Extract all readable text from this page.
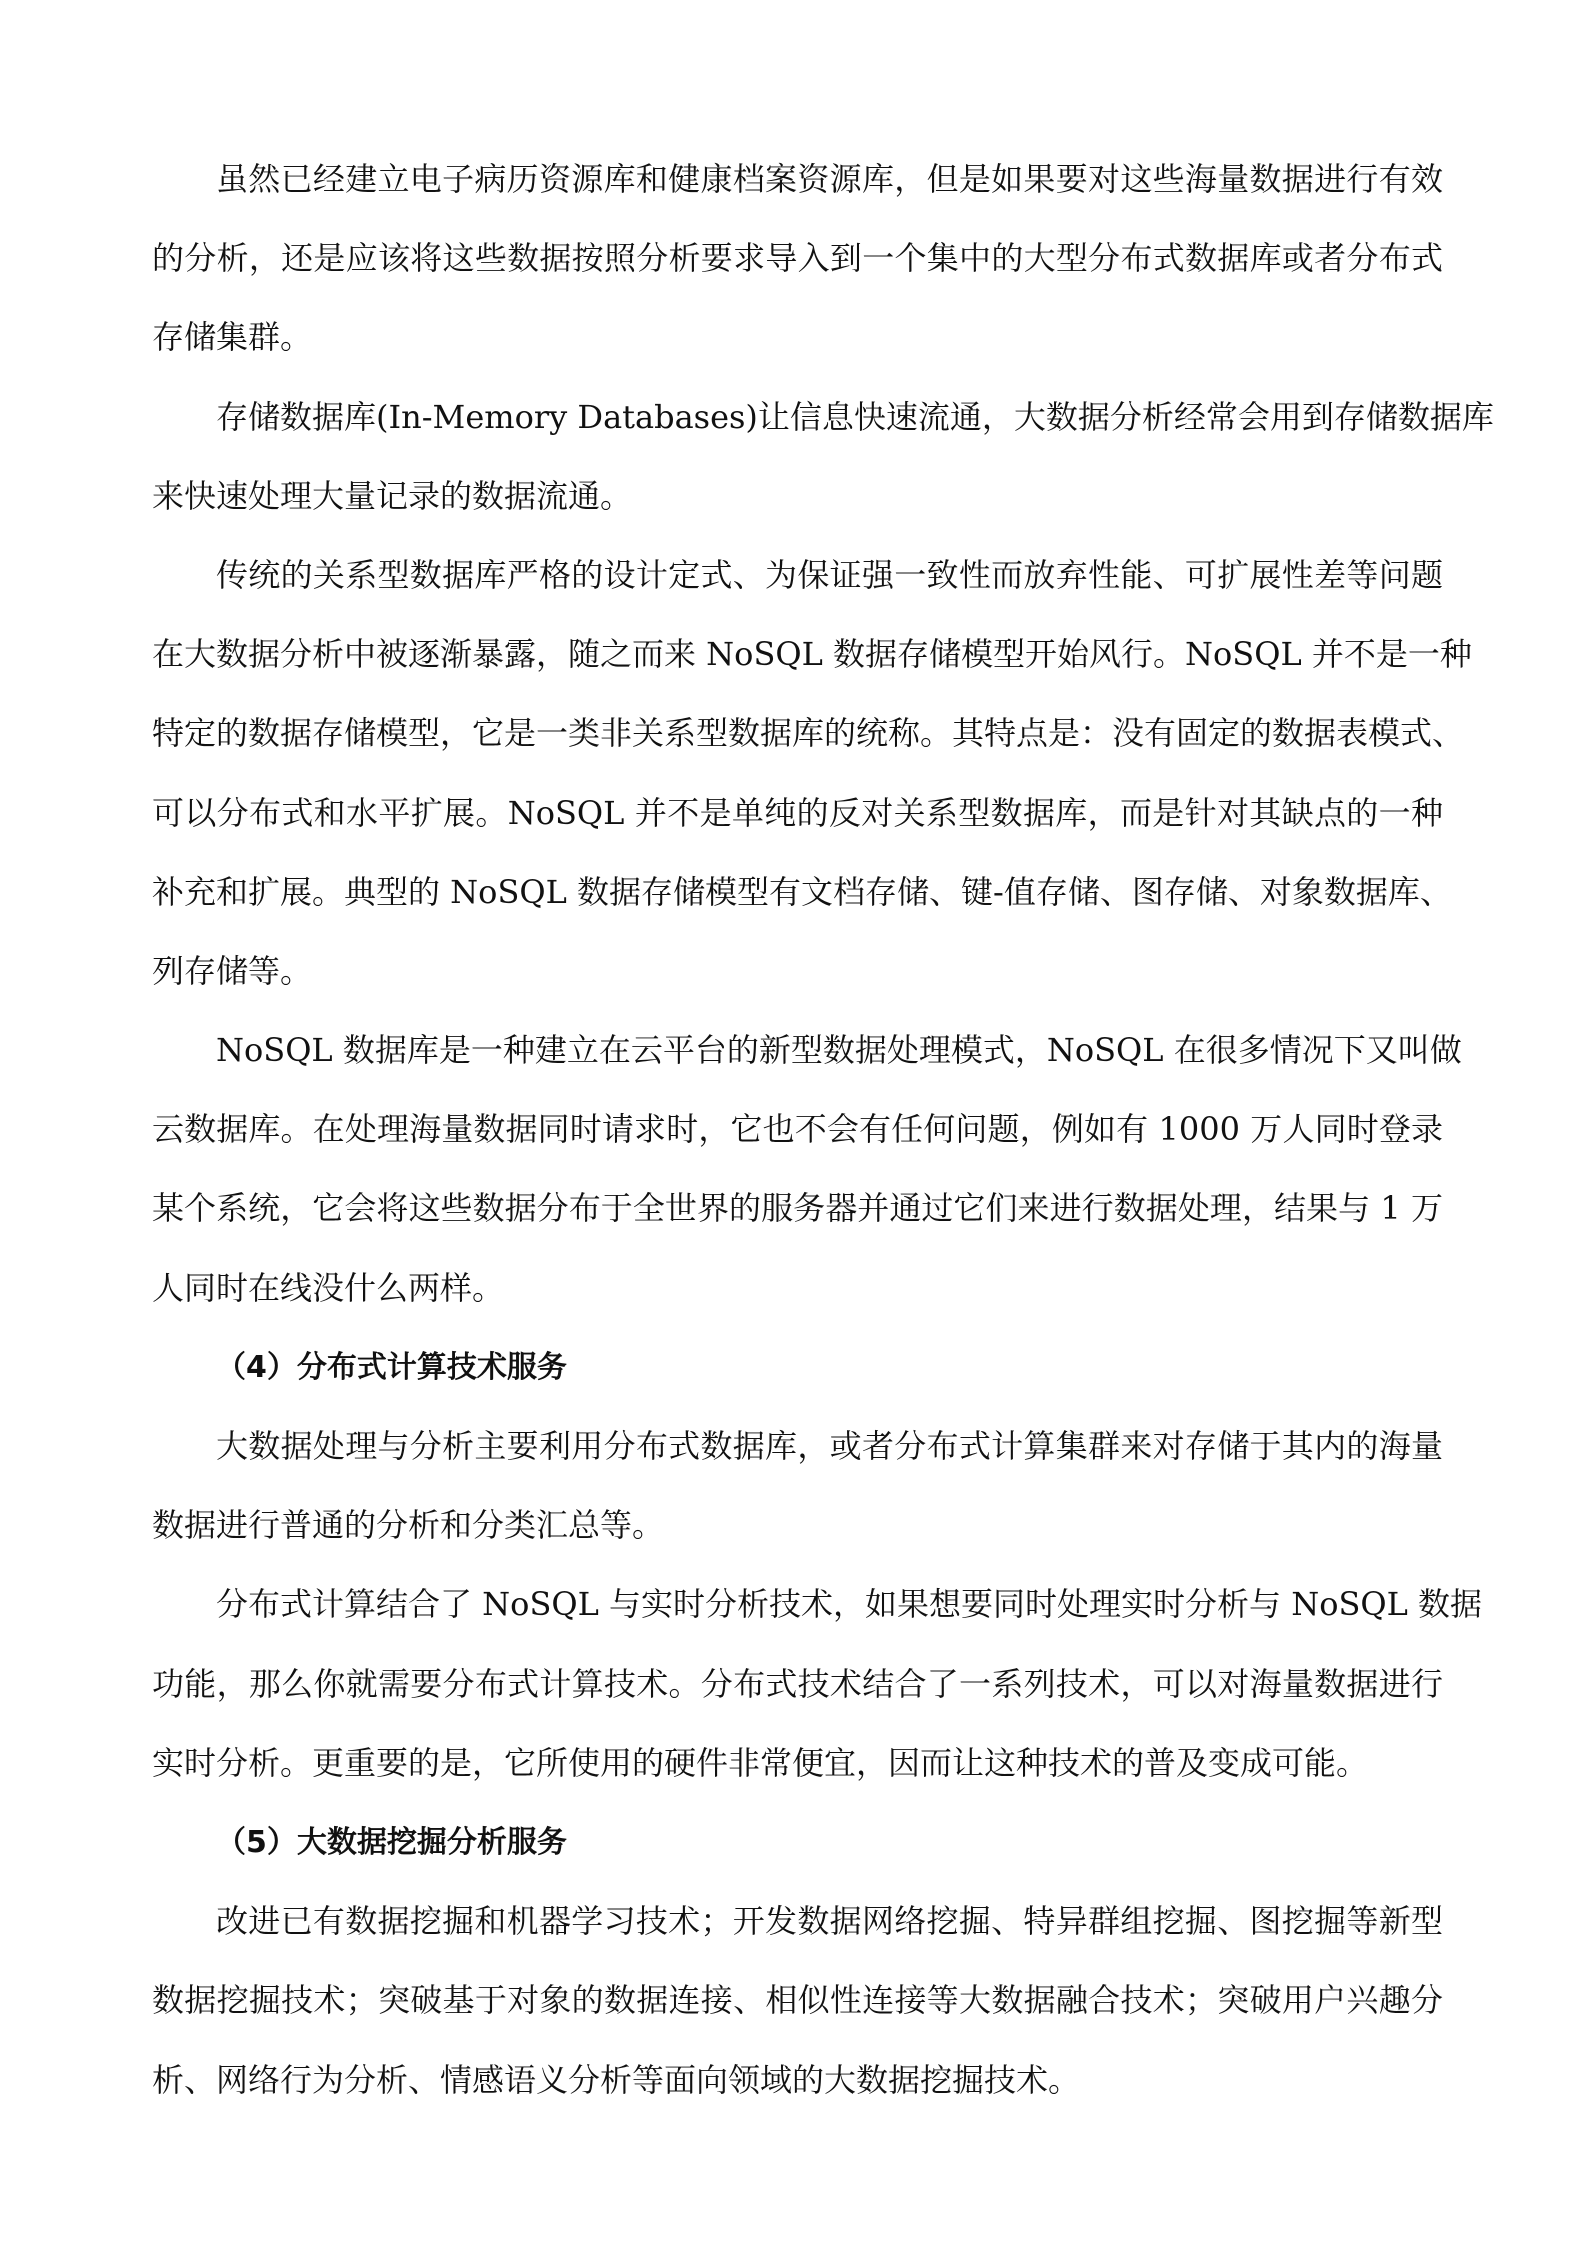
虽然已经建立电子病历资源库和健康档案资源库，但是如果要对这些海量数据进行有效
的分析，还是应该将这些数据按照分析要求导入到一个集中的大型分布式数据库或者分布式
存储集群。
存储数据库(In-Memory Databases)让信息快速流通，大数据分析经常会用到存储数据库
来快速处理大量记录的数据流通。
传统的关系型数据库严格的设计定式、为保证强一致性而放弃性能、可扩展性差等问题
在大数据分析中被逐渐暴露，随之而来 NoSQL 数据存储模型开始风行。NoSQL 并不是一种
特定的数据存储模型，它是一类非关系型数据库的统称。其特点是：没有固定的数据表模式、
可以分布式和水平扩展。NoSQL 并不是单纯的反对关系型数据库，而是针对其缺点的一种
补充和扩展。典型的 NoSQL 数据存储模型有文档存储、键-值存储、图存储、对象数据库、
列存储等。
NoSQL 数据库是一种建立在云平台的新型数据处理模式，NoSQL 在很多情况下又叫做
云数据库。在处理海量数据同时请求时，它也不会有任何问题，例如有 1000 万人同时登录
某个系统，它会将这些数据分布于全世界的服务器并通过它们来进行数据处理，结果与 1 万
人同时在线没什么两样。
（4）分布式计算技术服务
大数据处理与分析主要利用分布式数据库，或者分布式计算集群来对存储于其内的海量
数据进行普通的分析和分类汇总等。
分布式计算结合了 NoSQL 与实时分析技术，如果想要同时处理实时分析与 NoSQL 数据
功能，那么你就需要分布式计算技术。分布式技术结合了一系列技术，可以对海量数据进行
实时分析。更重要的是，它所使用的硬件非常便宜，因而让这种技术的普及变成可能。
（5）大数据挖掘分析服务
改进已有数据挖掘和机器学习技术；开发数据网络挖掘、特异群组挖掘、图挖掘等新型
数据挖掘技术；突破基于对象的数据连接、相似性连接等大数据融合技术；突破用户兴趣分
析、网络行为分析、情感语义分析等面向领域的大数据挖掘技术。
